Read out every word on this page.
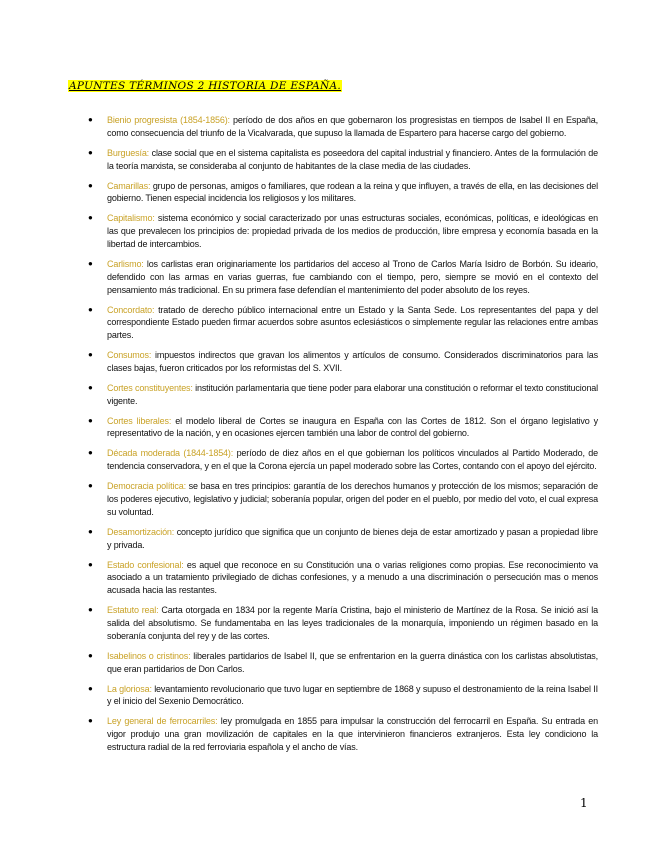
APUNTES TÉRMINOS 2 HISTORIA DE ESPAÑA.
● Bienio progresista (1854-1856): período de dos años en que gobernaron los progresistas en tiempos de Isabel II en España, como consecuencia del triunfo de la Vicalvarada, que supuso la llamada de Espartero para hacerse cargo del gobierno.
● Burguesía: clase social que en el sistema capitalista es poseedora del capital industrial y financiero. Antes de la formulación de la teoría marxista, se consideraba al conjunto de habitantes de la clase media de las ciudades.
● Camarillas: grupo de personas, amigos o familiares, que rodean a la reina y que influyen, a través de ella, en las decisiones del gobierno. Tienen especial incidencia los religiosos y los militares.
● Capitalismo: sistema económico y social caracterizado por unas estructuras sociales, económicas, políticas, e ideológicas en las que prevalecen los principios de: propiedad privada de los medios de producción, libre empresa y economía basada en la libertad de intercambios.
● Carlismo: los carlistas eran originariamente los partidarios del acceso al Trono de Carlos María Isidro de Borbón. Su ideario, defendido con las armas en varias guerras, fue cambiando con el tiempo, pero, siempre se movió en el contexto del pensamiento más tradicional. En su primera fase defendían el mantenimiento del poder absoluto de los reyes.
● Concordato: tratado de derecho público internacional entre un Estado y la Santa Sede. Los representantes del papa y del correspondiente Estado pueden firmar acuerdos sobre asuntos eclesiásticos o simplemente regular las relaciones entre ambas partes.
● Consumos: impuestos indirectos que gravan los alimentos y artículos de consumo. Considerados discriminatorios para las clases bajas, fueron criticados por los reformistas del S. XVII.
● Cortes constituyentes: institución parlamentaria que tiene poder para elaborar una constitución o reformar el texto constitucional vigente.
● Cortes liberales: el modelo liberal de Cortes se inaugura en España con las Cortes de 1812. Son el órgano legislativo y representativo de la nación, y en ocasiones ejercen también una labor de control del gobierno.
● Década moderada (1844-1854): período de diez años en el que gobiernan los políticos vinculados al Partido Moderado, de tendencia conservadora, y en el que la Corona ejercía un papel moderado sobre las Cortes, contando con el apoyo del ejército.
● Democracia política: se basa en tres principios: garantía de los derechos humanos y protección de los mismos; separación de los poderes ejecutivo, legislativo y judicial; soberanía popular, origen del poder en el pueblo, por medio del voto, el cual expresa su voluntad.
● Desamortización: concepto jurídico que significa que un conjunto de bienes deja de estar amortizado y pasan a propiedad libre y privada.
● Estado confesional: es aquel que reconoce en su Constitución una o varias religiones como propias. Ese reconocimiento va asociado a un tratamiento privilegiado de dichas confesiones, y a menudo a una discriminación o persecución mas o menos acusada hacia las restantes.
● Estatuto real: Carta otorgada en 1834 por la regente María Cristina, bajo el ministerio de Martínez de la Rosa. Se inició así la salida del absolutismo. Se fundamentaba en las leyes tradicionales de la monarquía, imponiendo un régimen basado en la soberanía conjunta del rey y de las cortes.
● Isabelinos o cristinos: liberales partidarios de Isabel II, que se enfrentarion en la guerra dinástica con los carlistas absolutistas, que eran partidarios de Don Carlos.
● La gloriosa: levantamiento revolucionario que tuvo lugar en septiembre de 1868 y supuso el destronamiento de la reina Isabel II y el inicio del Sexenio Democrático.
● Ley general de ferrocarriles: ley promulgada en 1855 para impulsar la construcción del ferrocarril en España. Su entrada en vigor produjo una gran movilización de capitales en la que intervinieron financieros extranjeros. Esta ley condiciono la estructura radial de la red ferroviaria española y el ancho de vías.
1
